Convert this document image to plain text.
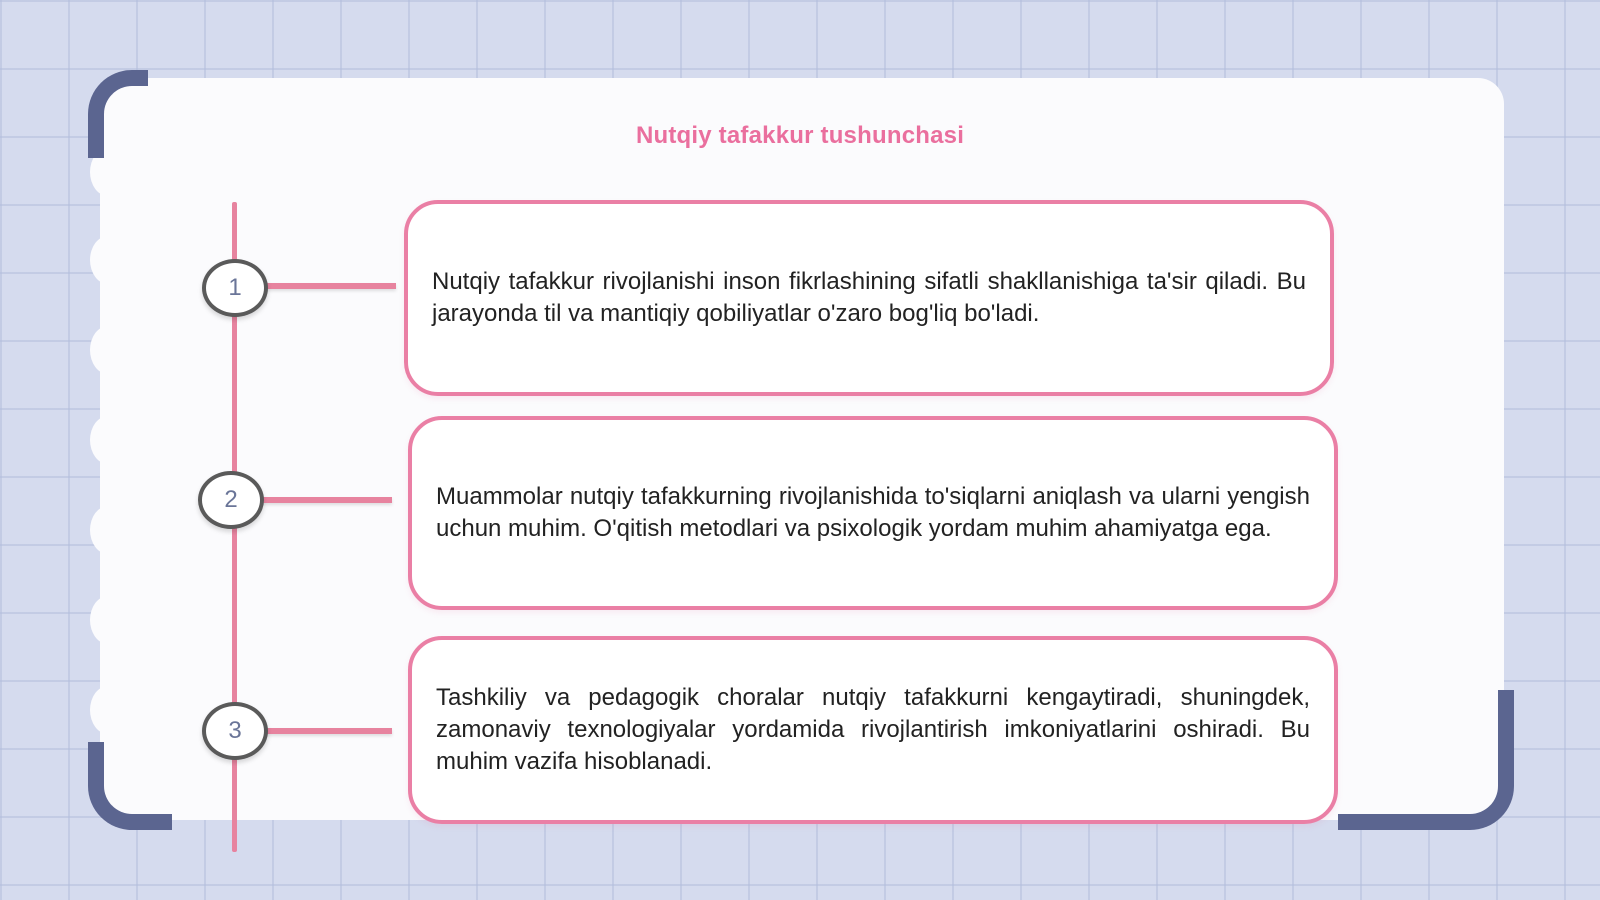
Nutqiy tafakkur tushunchasi
1	Nutqiy tafakkur rivojlanishi inson fikrlashining sifatli shakllanishiga ta'sir qiladi. Bu jarayonda til va mantiqiy qobiliyatlar o'zaro bog'liq bo'ladi.
2	Muammolar nutqiy tafakkurning rivojlanishida to'siqlarni aniqlash va ularni yengish uchun muhim. O'qitish metodlari va psixologik yordam muhim ahamiyatga ega.
3
Tashkiliy va pedagogik choralar nutqiy tafakkurni kengaytiradi, shuningdek, zamonaviy texnologiyalar yordamida rivojlantirish imkoniyatlarini oshiradi. Bu muhim vazifa hisoblanadi.
